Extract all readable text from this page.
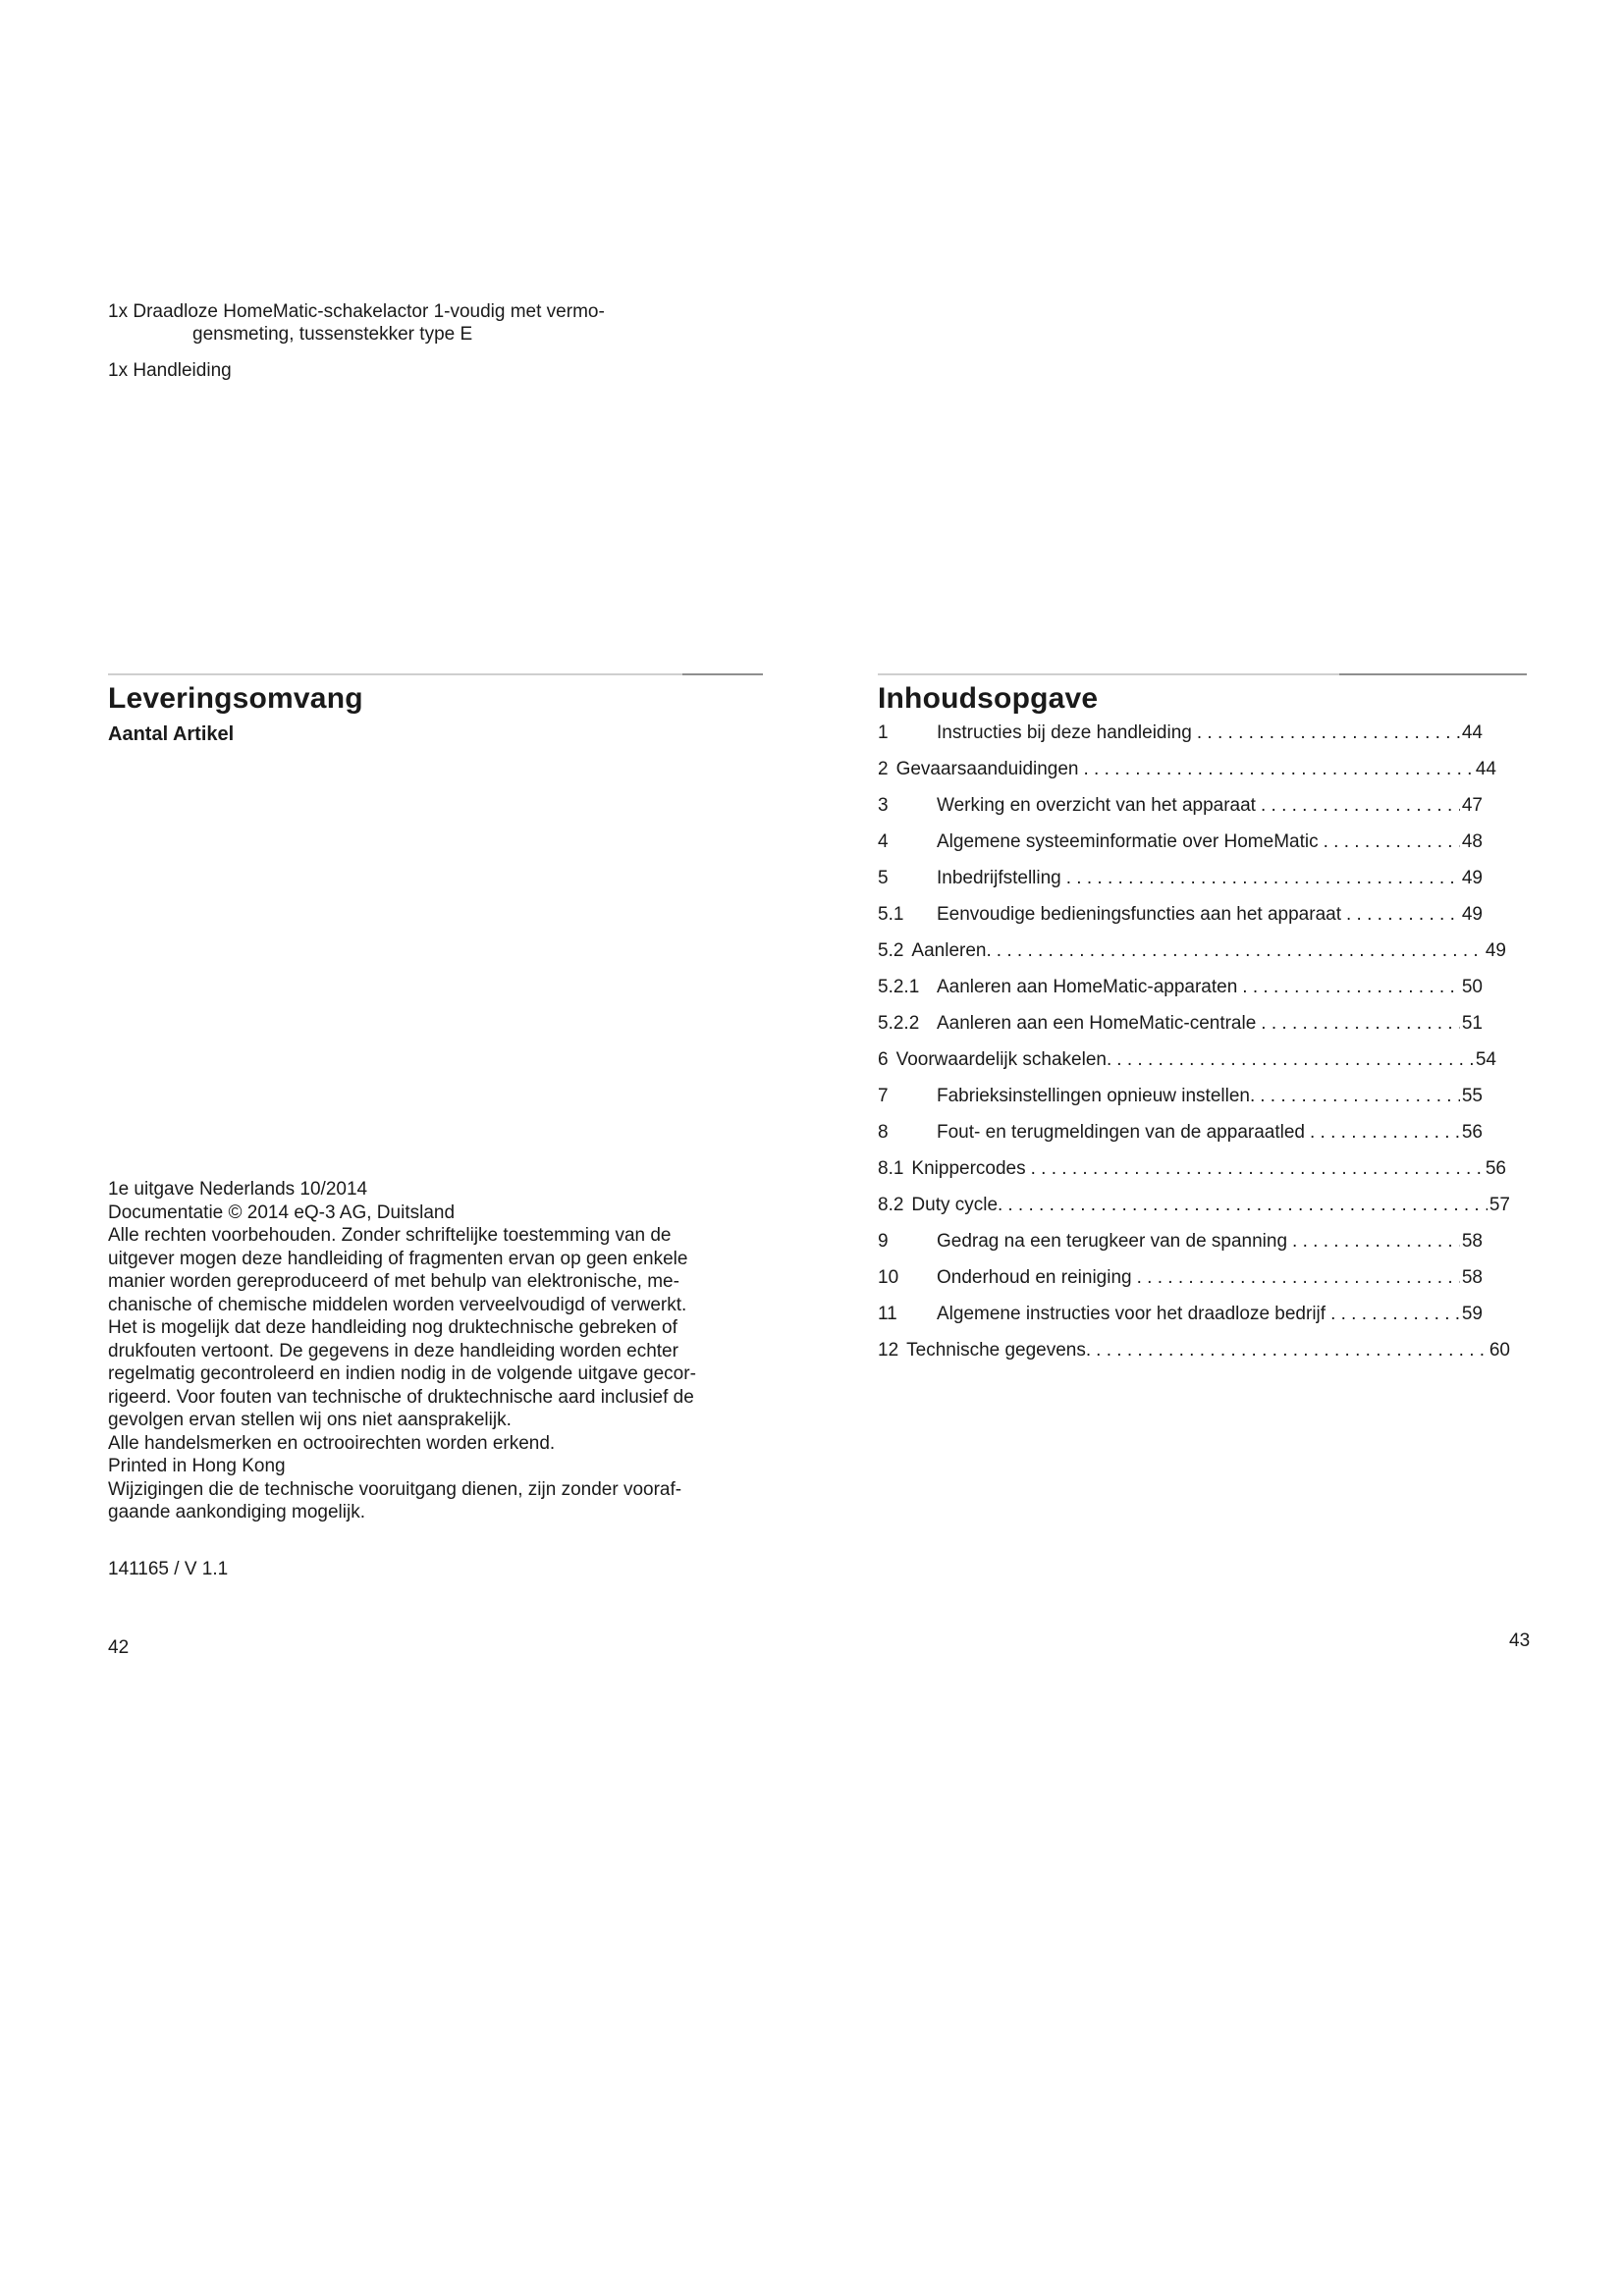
Leveringsomvang
Aantal Artikel
1x Draadloze HomeMatic-schakelactor 1-voudig met vermo-
gensmeting, tussenstekker type E
1x Handleiding
1e uitgave Nederlands 10/2014
Documentatie © 2014 eQ-3 AG, Duitsland
Alle rechten voorbehouden. Zonder schriftelijke toestemming van de
uitgever mogen deze handleiding of fragmenten ervan op geen enkele
manier worden gereproduceerd of met behulp van elektronische, me-
chanische of chemische middelen worden verveelvoudigd of verwerkt.
Het is mogelijk dat deze handleiding nog druktechnische gebreken of
drukfouten vertoont. De gegevens in deze handleiding worden echter
regelmatig gecontroleerd en indien nodig in de volgende uitgave gecor-
rigeerd. Voor fouten van technische of druktechnische aard inclusief de
gevolgen ervan stellen wij ons niet aansprakelijk.
Alle handelsmerken en octrooirechten worden erkend.
Printed in Hong Kong
Wijzigingen die de technische vooruitgang dienen, zijn zonder vooraf-
gaande aankondiging mogelijk.
141165 / V 1.1
42
Inhoudsopgave
43
1	Instructies bij deze handleiding . . .	44
2 Gevaarsaanduidingen . . .	44
3	Werking en overzicht van het apparaat . . .	47
4	Algemene systeeminformatie over HomeMatic . . .	48
5	Inbedrijfstelling . . .	49
5.1	Eenvoudige bedieningsfuncties aan het apparaat . . .	49
5.2 Aanleren. . . .	49
5.2.1 Aanleren aan HomeMatic-apparaten . . .	50
5.2.2 Aanleren aan een HomeMatic-centrale . . .	51
6 Voorwaardelijk schakelen. . . .	54
7	Fabrieksinstellingen opnieuw instellen. . . .	55
8	Fout- en terugmeldingen van de apparaatled . . .	56
8.1 Knippercodes . . .	56
8.2 Duty cycle. . . .	57
9	Gedrag na een terugkeer van de spanning . . .	58
10	Onderhoud en reiniging . . .	58
11	Algemene instructies voor het draadloze bedrijf . . .	59
12 Technische gegevens. . . .	60
